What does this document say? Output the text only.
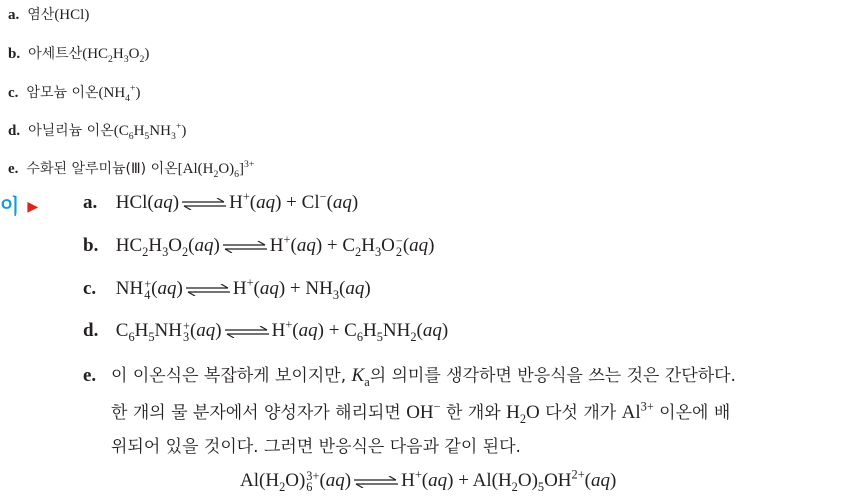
a. 염산(HCl)
b. 아세트산$(HC_2H_3O_2)$
c. 암모늄 이온$(NH_4^+)$
d. 아닐리늄 이온$(C_6H_5NH_3^+)$
e. 수화된 알루미늄(Ⅲ) 이온$[Al(H_2O)_6]^{3+}$
이 ▶ a. HCl(aq) ⇌ H+(aq) + Cl−(aq)
b. $HC_2H_3O_2(aq)$ ⇌ $H^+(aq) + C_2H_3O$ −
2 (aq)
c. NH +
4 (aq) ⇌ $H^+(aq) + NH_3(aq)$
d. $C_6H_5NH$ +
3 (aq) ⇌ $H^+(aq) + C_6H_5NH_2(aq)$
e. 이 이온식은 복잡하게 보이지만, $K_a$의 의미를 생각하면 반응식을 쓰는 것은 간단하다.
한 개의 물 분자에서 양성자가 해리되면 OH− 한 개와 $H_2O$ 다섯 개가 $Al^{3+}$ 이온에 배
위되어 있을 것이다. 그러면 반응식은 다음과 같이 된다.
$Al(H_2O)$ 3+
6 (aq) ⇌ $H^+(aq) + Al(H_2O)_5OH^{2+}(aq)$
